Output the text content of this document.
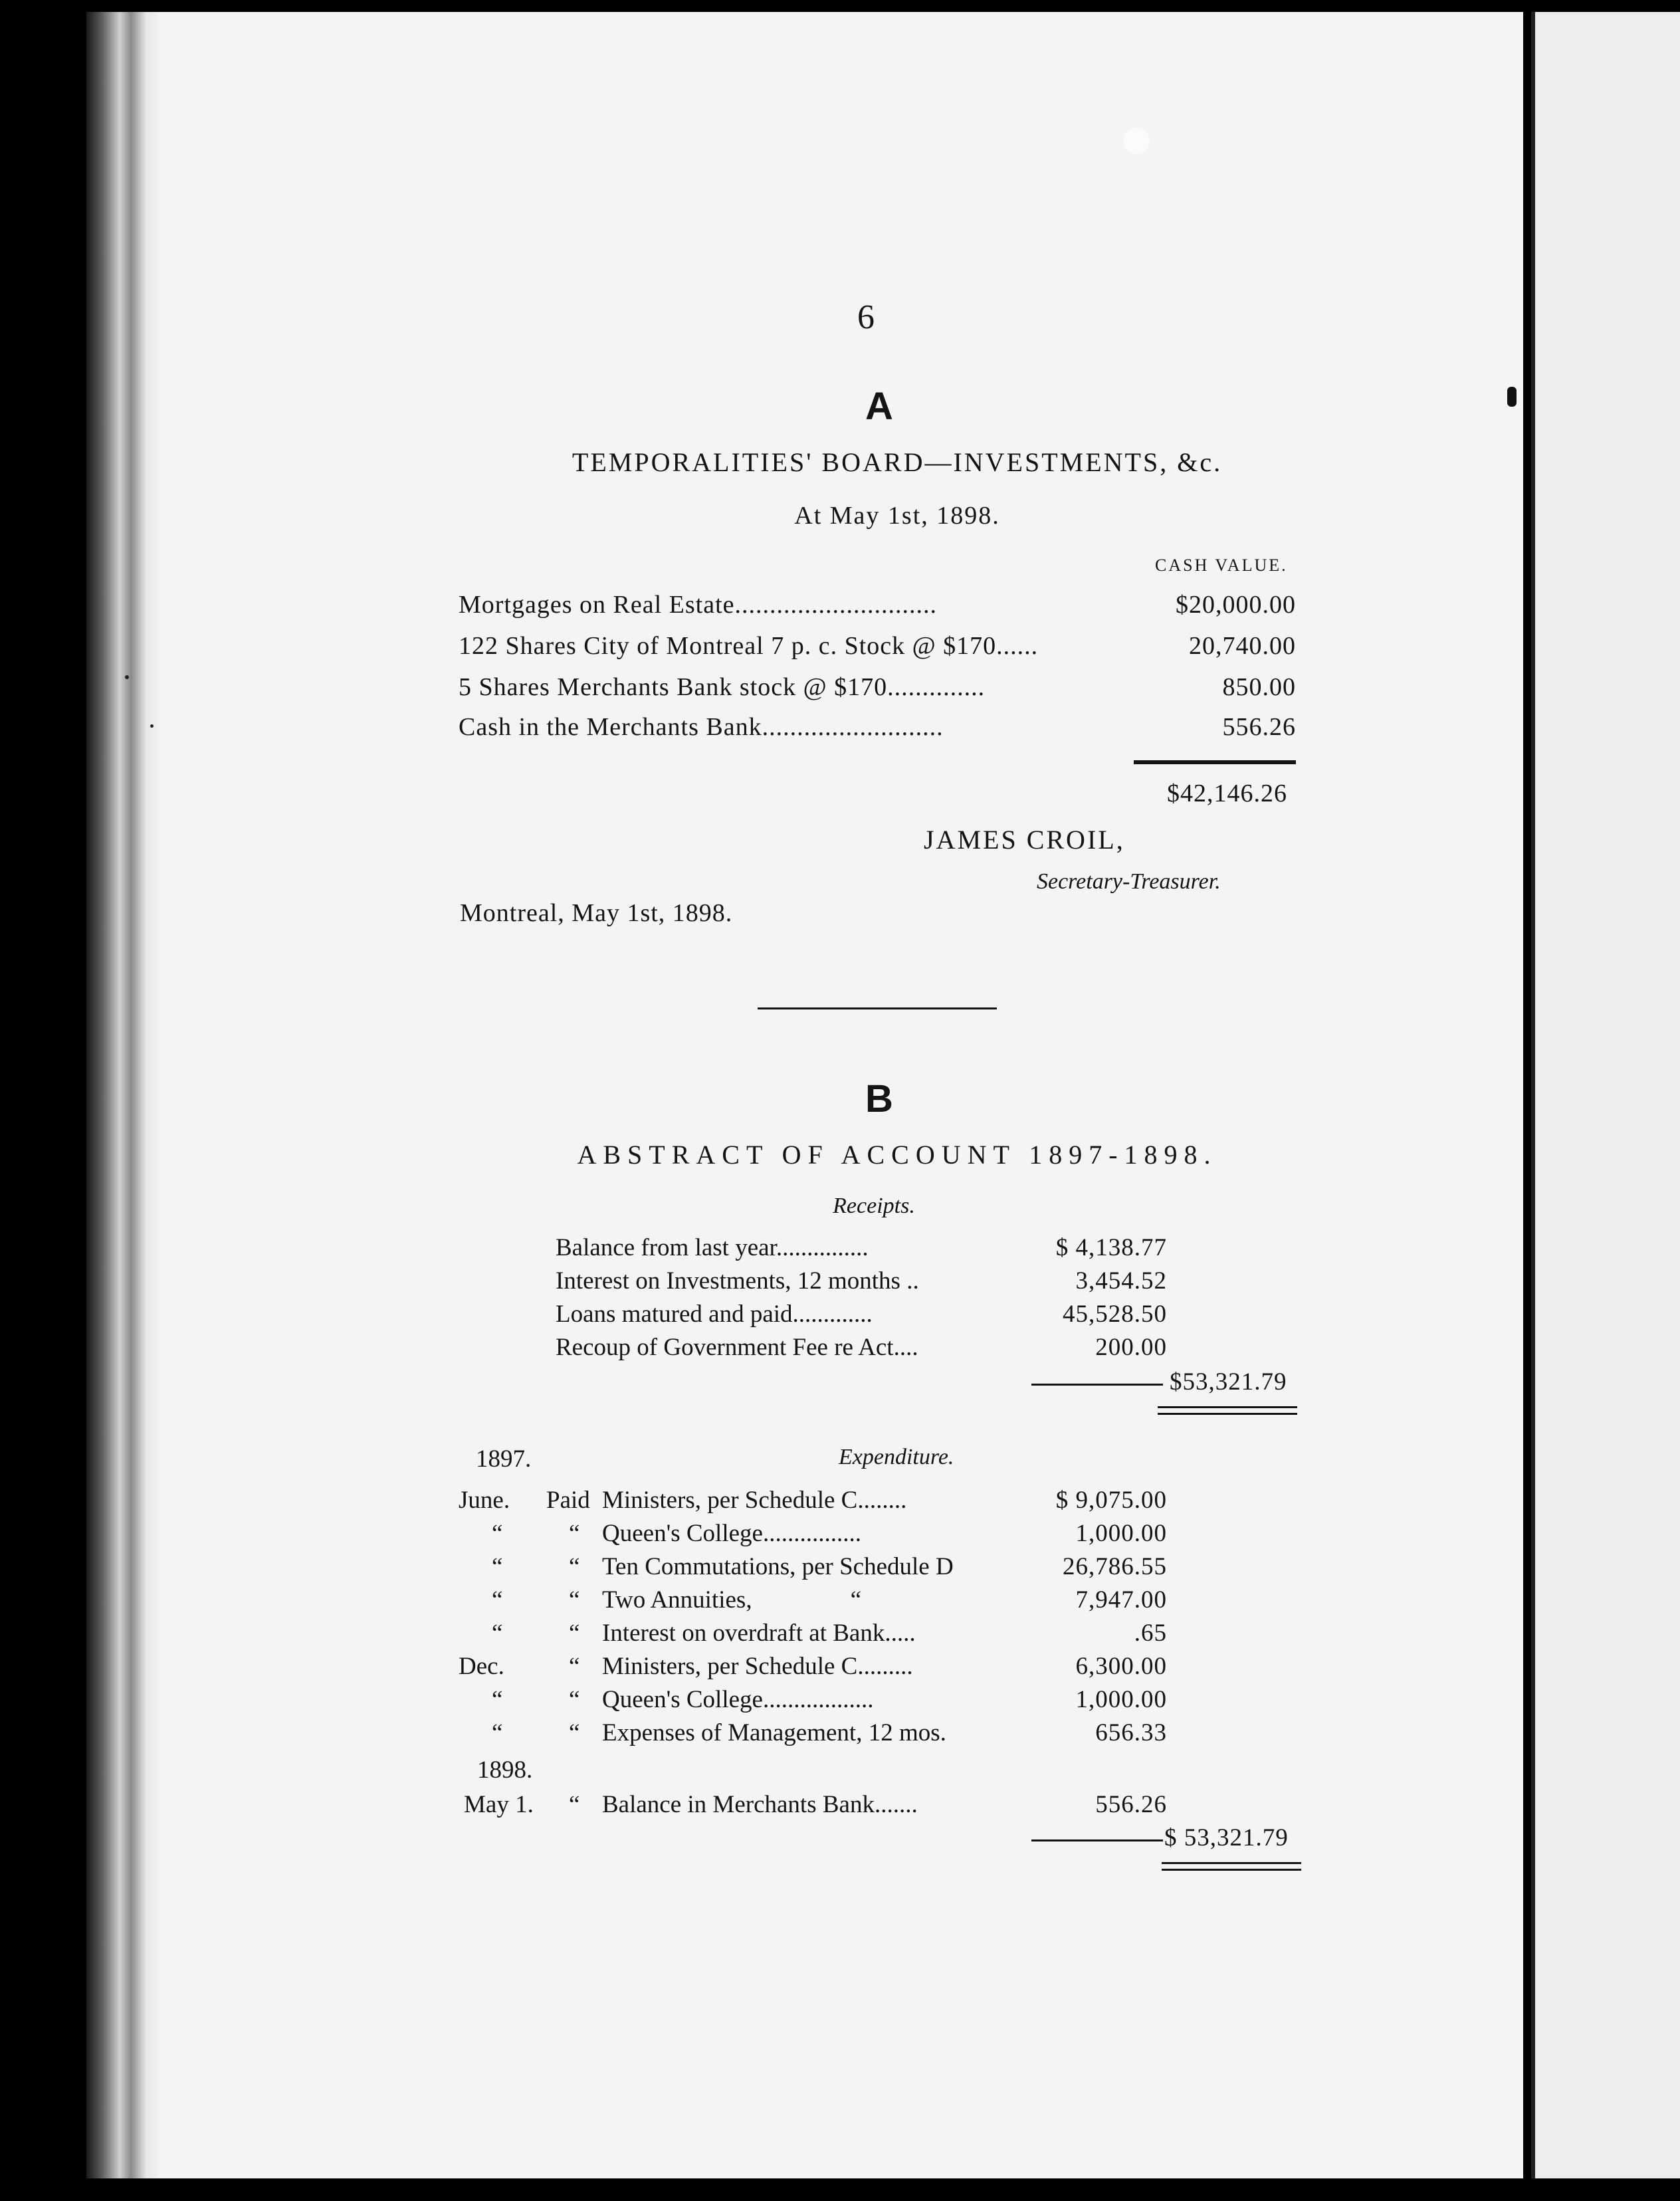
6
A
TEMPORALITIES' BOARD—INVESTMENTS, &c.
At May 1st, 1898.
CASH VALUE.
Mortgages on Real Estate.............................	$20,000.00
122 Shares City of Montreal 7 p. c. Stock @ $170......	20,740.00
5 Shares Merchants Bank stock @ $170..............	850.00
Cash in the Merchants Bank..........................	556.26
$42,146.26
JAMES CROIL,
Secretary-Treasurer.
Montreal, May 1st, 1898.
B
ABSTRACT OF ACCOUNT 1897-1898.
Receipts.
Balance from last year...............	$ 4,138.77
Interest on Investments, 12 months ..	3,454.52
Loans matured and paid.............	45,528.50
Recoup of Government Fee re Act....	200.00
$53,321.79
1897.	Expenditure.
June. Paid Ministers, per Schedule C........	$ 9,075.00
“	“ Queen's College................	1,000.00
“	“ Ten Commutations, per Schedule D	26,786.55
“	“ Two Annuities,                “	7,947.00
“	“ Interest on overdraft at Bank.....	.65
Dec.	“ Ministers, per Schedule C.........	6,300.00
“	“ Queen's College..................	1,000.00
“	“ Expenses of Management, 12 mos.	656.33
1898.
May 1. “ Balance in Merchants Bank.......	556.26
$ 53,321.79
